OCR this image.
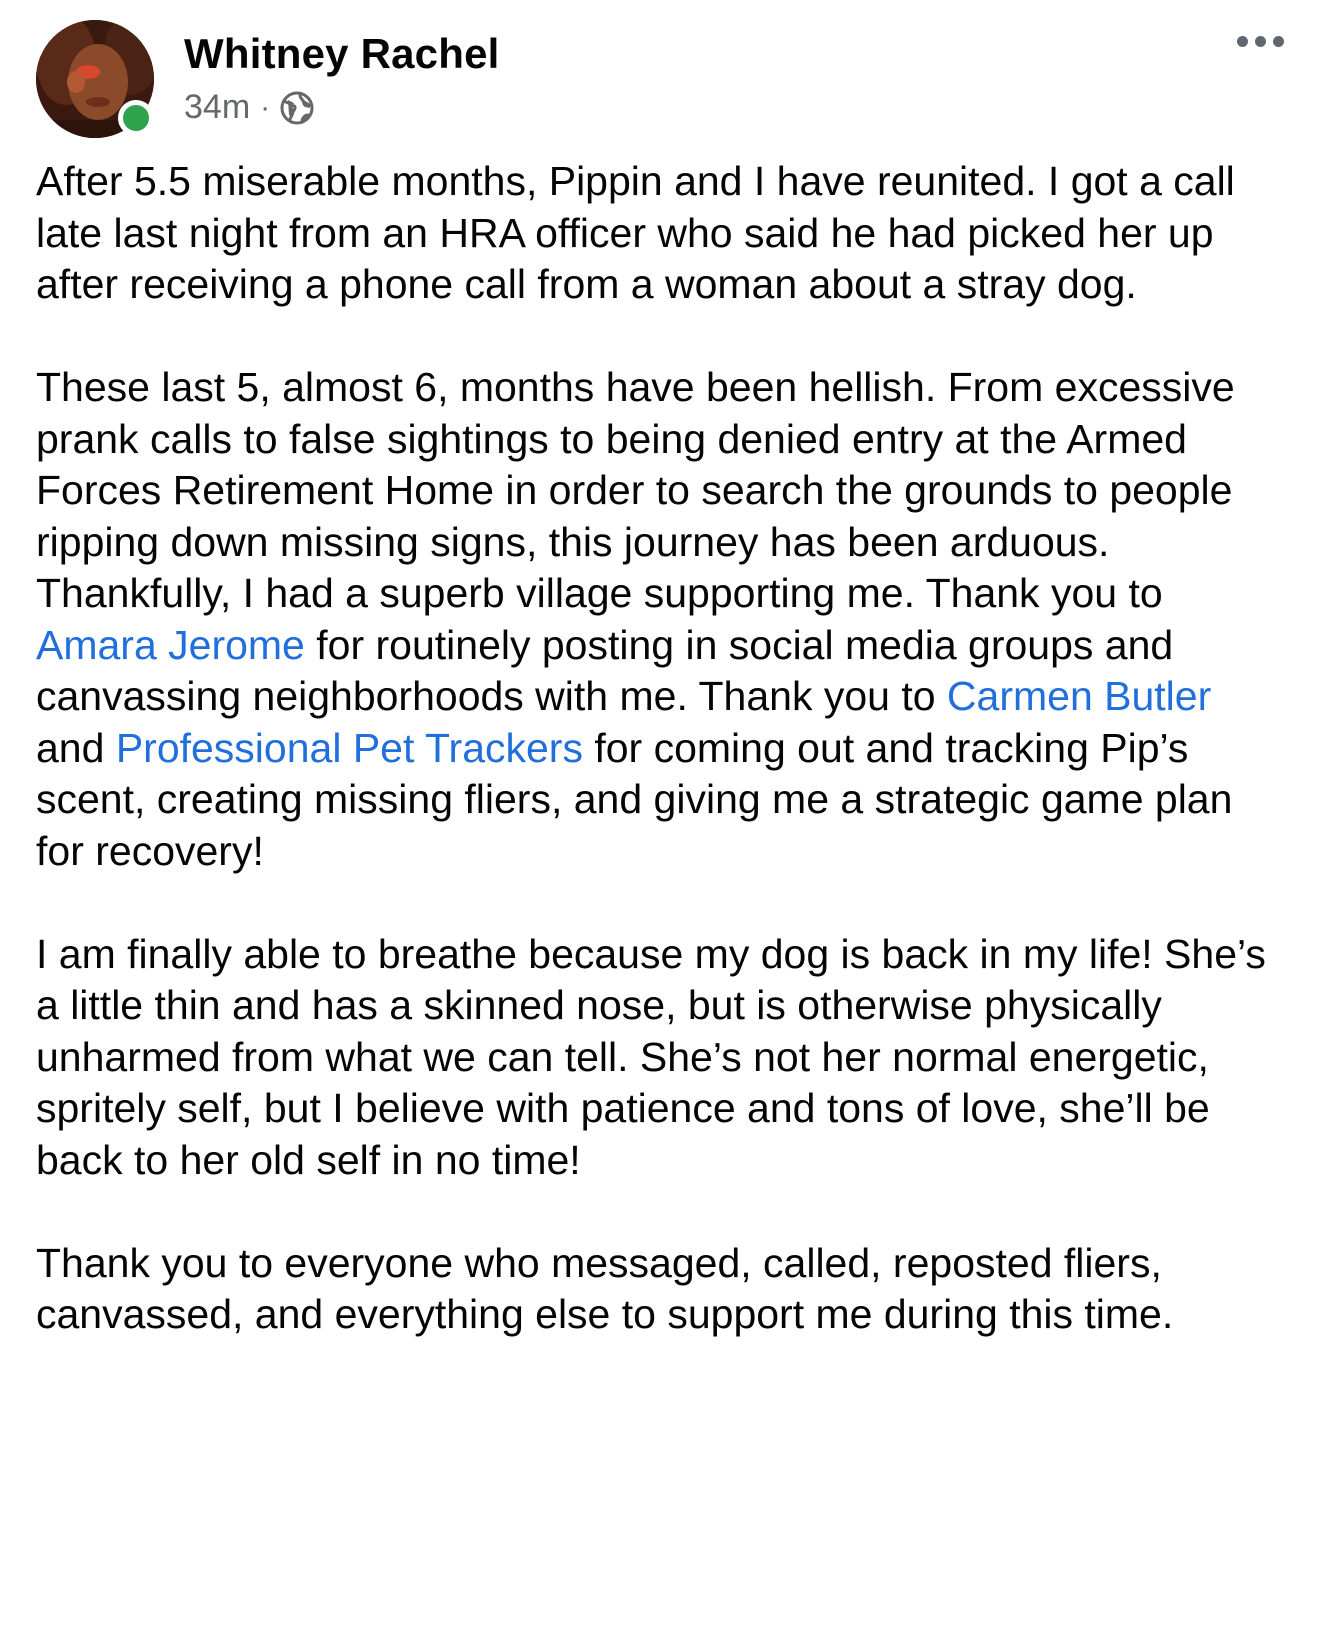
Whitney Rachel
34m ·

After 5.5 miserable months, Pippin and I have reunited. I got a call late last night from an HRA officer who said he had picked her up after receiving a phone call from a woman about a stray dog.

These last 5, almost 6, months have been hellish. From excessive prank calls to false sightings to being denied entry at the Armed Forces Retirement Home in order to search the grounds to people ripping down missing signs, this journey has been arduous. Thankfully, I had a superb village supporting me. Thank you to Amara Jerome for routinely posting in social media groups and canvassing neighborhoods with me. Thank you to Carmen Butler and Professional Pet Trackers for coming out and tracking Pip’s scent, creating missing fliers, and giving me a strategic game plan for recovery!

I am finally able to breathe because my dog is back in my life! She’s a little thin and has a skinned nose, but is otherwise physically unharmed from what we can tell. She’s not her normal energetic, spritely self, but I believe with patience and tons of love, she’ll be back to her old self in no time!

Thank you to everyone who messaged, called, reposted fliers, canvassed, and everything else to support me during this time.
